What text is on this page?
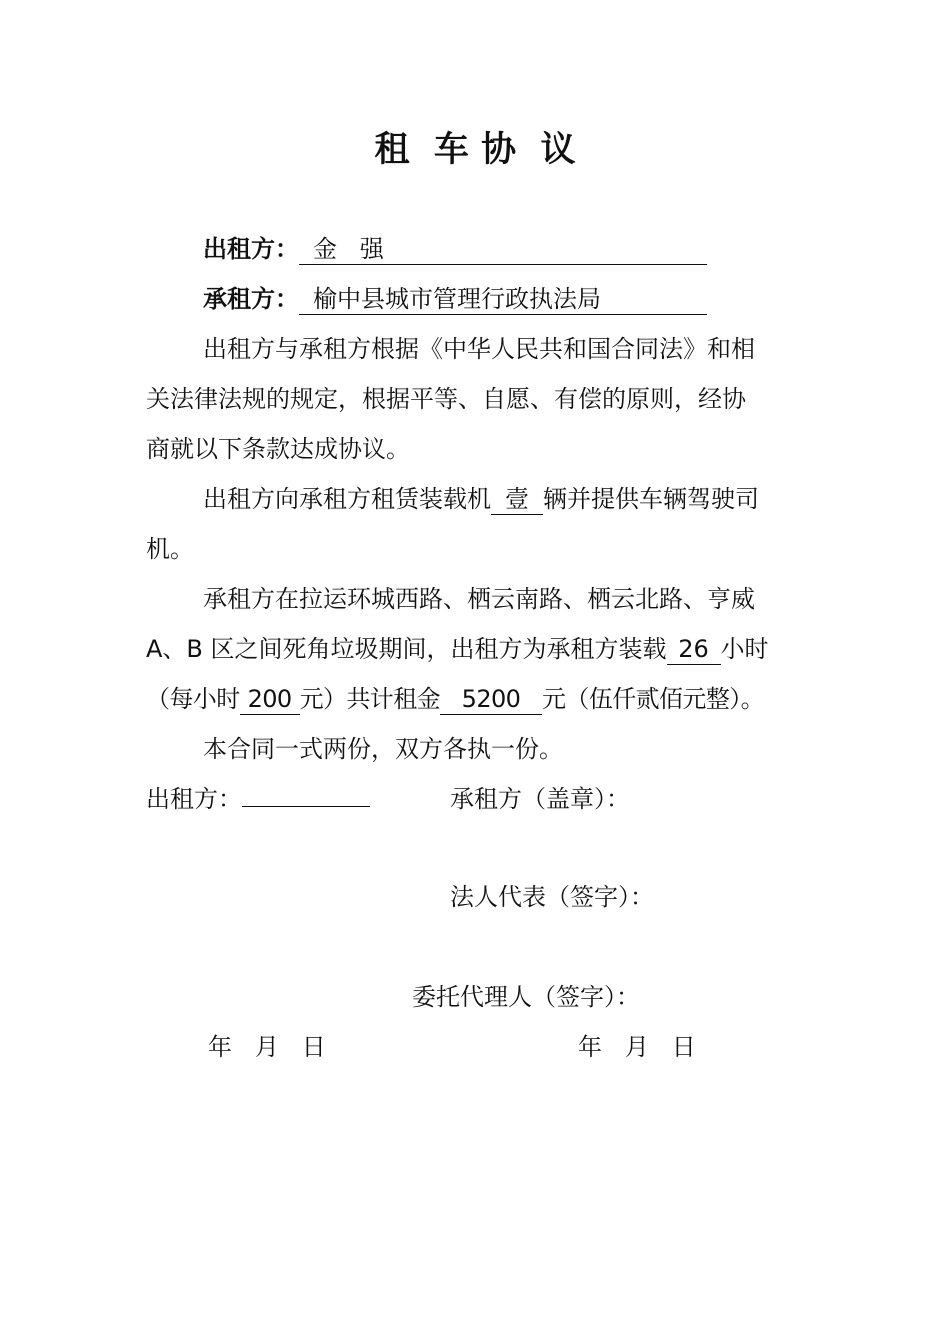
租  车 协  议
出租方： 金   强
承租方： 榆中县城市管理行政执法局
出租方与承租方根据《中华人民共和国合同法》和相
关法律法规的规定，根据平等、自愿、有偿的原则，经协
商就以下条款达成协议。
出租方向承租方租赁装载机 壹 辆并提供车辆驾驶司
机。
承租方在拉运环城西路、栖云南路、栖云北路、亨威
A、B 区之间死角垃圾期间，出租方为承租方装载 26 小时
（每小时 200 元）共计租金 5200 元（伍仟贰佰元整）。
本合同一式两份，双方各执一份。
出租方：	承租方（盖章）：
法人代表（签字）：
委托代理人（签字）：
年   月   日	年   月   日
